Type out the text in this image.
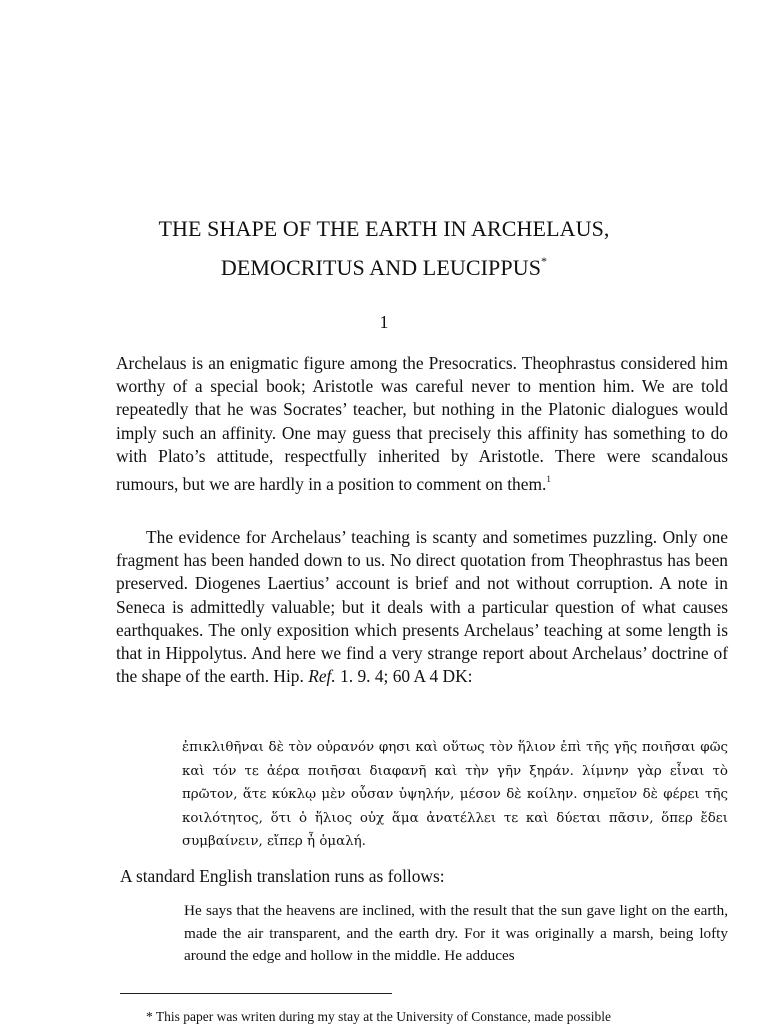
THE SHAPE OF THE EARTH IN ARCHELAUS,
DEMOCRITUS AND LEUCIPPUS*
1

Archelaus is an enigmatic figure among the Presocratics. Theophrastus considered him worthy of a special book; Aristotle was careful never to mention him. We are told repeatedly that he was Socrates’ teacher, but nothing in the Platonic dialogues would imply such an affinity. One may guess that precisely this affinity has something to do with Plato’s attitude, respectfully inherited by Aristotle. There were scandalous rumours, but we are hardly in a position to comment on them.$^1$

The evidence for Archelaus’ teaching is scanty and sometimes puzzling. Only one fragment has been handed down to us. No direct quotation from Theophrastus has been preserved. Diogenes Laertius’ account is brief and not without corruption. A note in Seneca is admittedly valuable; but it deals with a particular question of what causes earthquakes. The only exposition which presents Archelaus’ teaching at some length is that in Hippolytus. And here we find a very strange report about Archelaus’ doctrine of the shape of the earth. Hip. Ref. 1. 9. 4; 60 A 4 DK:

ἐπικλιθῆναι δὲ τὸν οὐρανόν φησι καὶ οὕτως τὸν ἥλιον ἐπὶ τῆς γῆς ποιῆσαι φῶς καὶ τόν τε ἀέρα ποιῆσαι διαφανῆ καὶ τὴν γῆν ξηράν. λίμνην γὰρ εἶναι τὸ πρῶτον, ἅτε κύκλῳ μὲν οὖσαν ὑψηλήν, μέσον δὲ κοίλην. σημεῖον δὲ φέρει τῆς κοιλότητος, ὅτι ὁ ἥλιος οὐχ ἅμα ἀνατέλλει τε καὶ δύεται πᾶσιν, ὅπερ ἔδει συμβαίνειν, εἴπερ ἦ ὁμαλή.
A standard English translation runs as follows:
He says that the heavens are inclined, with the result that the sun gave light on the earth, made the air transparent, and the earth dry. For it was originally a marsh, being lofty around the edge and hollow in the middle. He adduces
* This paper was writen during my stay at the University of Constance, made possible
